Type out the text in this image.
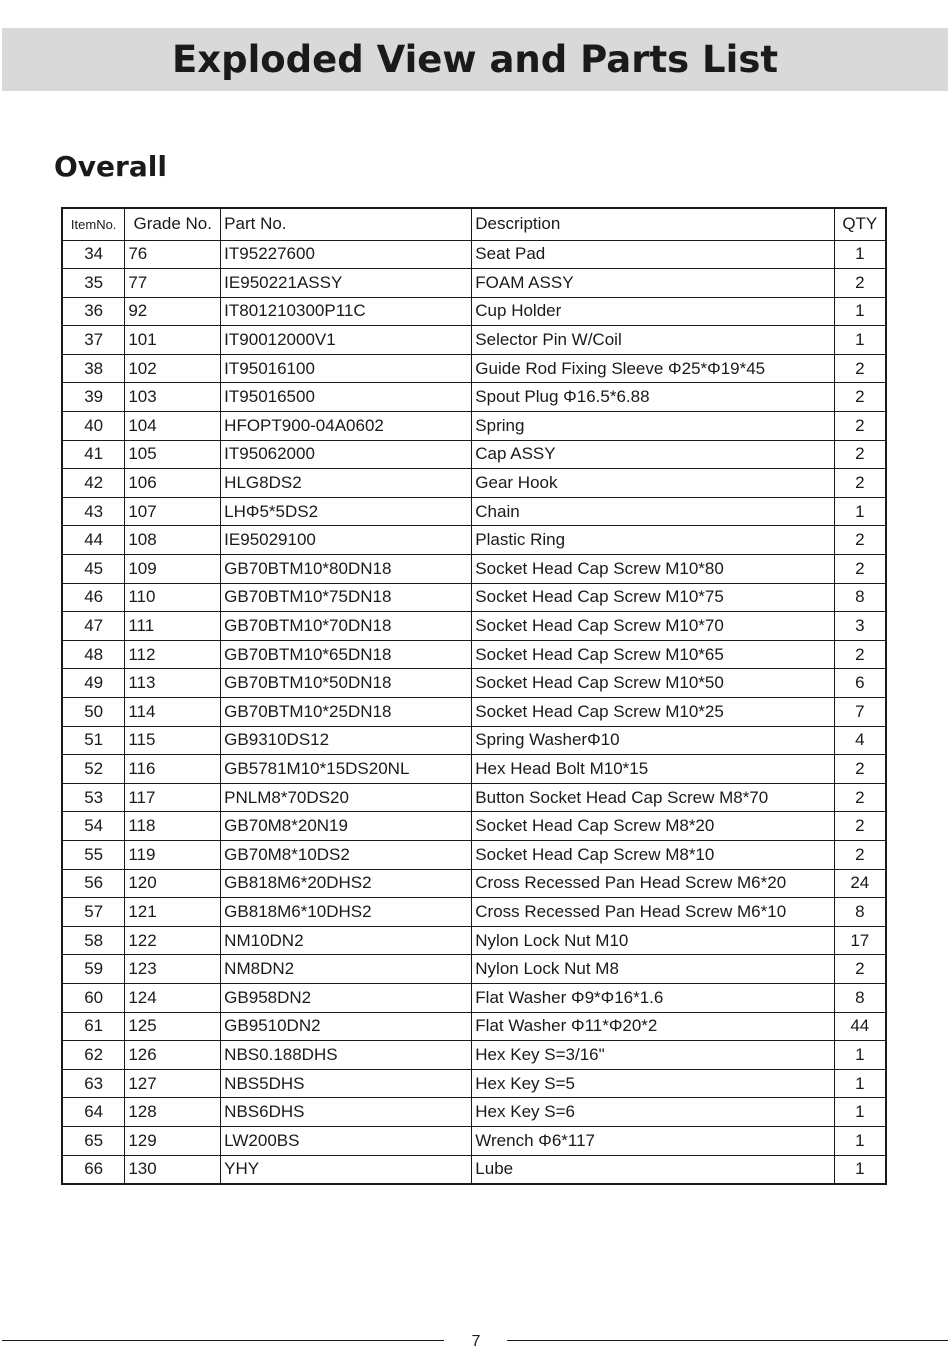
Exploded View and Parts List
Overall
ItemNo.	Grade No.	Part No.	Description	QTY
34	76	IT95227600	Seat Pad	1
35	77	IE950221ASSY	FOAM ASSY	2
36	92	IT801210300P11C	Cup Holder	1
37	101	IT90012000V1	Selector Pin W/Coil	1
38	102	IT95016100	Guide Rod Fixing Sleeve Φ25*Φ19*45	2
39	103	IT95016500	Spout Plug Φ16.5*6.88	2
40	104	HFOPT900-04A0602	Spring	2
41	105	IT95062000	Cap ASSY	2
42	106	HLG8DS2	Gear Hook	2
43	107	LHΦ5*5DS2	Chain	1
44	108	IE95029100	Plastic Ring	2
45	109	GB70BTM10*80DN18	Socket Head Cap Screw M10*80	2
46	110	GB70BTM10*75DN18	Socket Head Cap Screw M10*75	8
47	111	GB70BTM10*70DN18	Socket Head Cap Screw M10*70	3
48	112	GB70BTM10*65DN18	Socket Head Cap Screw M10*65	2
49	113	GB70BTM10*50DN18	Socket Head Cap Screw M10*50	6
50	114	GB70BTM10*25DN18	Socket Head Cap Screw M10*25	7
51	115	GB9310DS12	Spring WasherΦ10	4
52	116	GB5781M10*15DS20NL	Hex Head Bolt M10*15	2
53	117	PNLM8*70DS20	Button Socket Head Cap Screw M8*70	2
54	118	GB70M8*20N19	Socket Head Cap Screw M8*20	2
55	119	GB70M8*10DS2	Socket Head Cap Screw M8*10	2
56	120	GB818M6*20DHS2	Cross Recessed Pan Head Screw M6*20	24
57	121	GB818M6*10DHS2	Cross Recessed Pan Head Screw M6*10	8
58	122	NM10DN2	Nylon Lock Nut M10	17
59	123	NM8DN2	Nylon Lock Nut M8	2
60	124	GB958DN2	Flat Washer Φ9*Φ16*1.6	8
61	125	GB9510DN2	Flat Washer Φ11*Φ20*2	44
62	126	NBS0.188DHS	Hex Key S=3/16"	1
63	127	NBS5DHS	Hex Key S=5	1
64	128	NBS6DHS	Hex Key S=6	1
65	129	LW200BS	Wrench Φ6*117	1
66	130	YHY	Lube	1
7
